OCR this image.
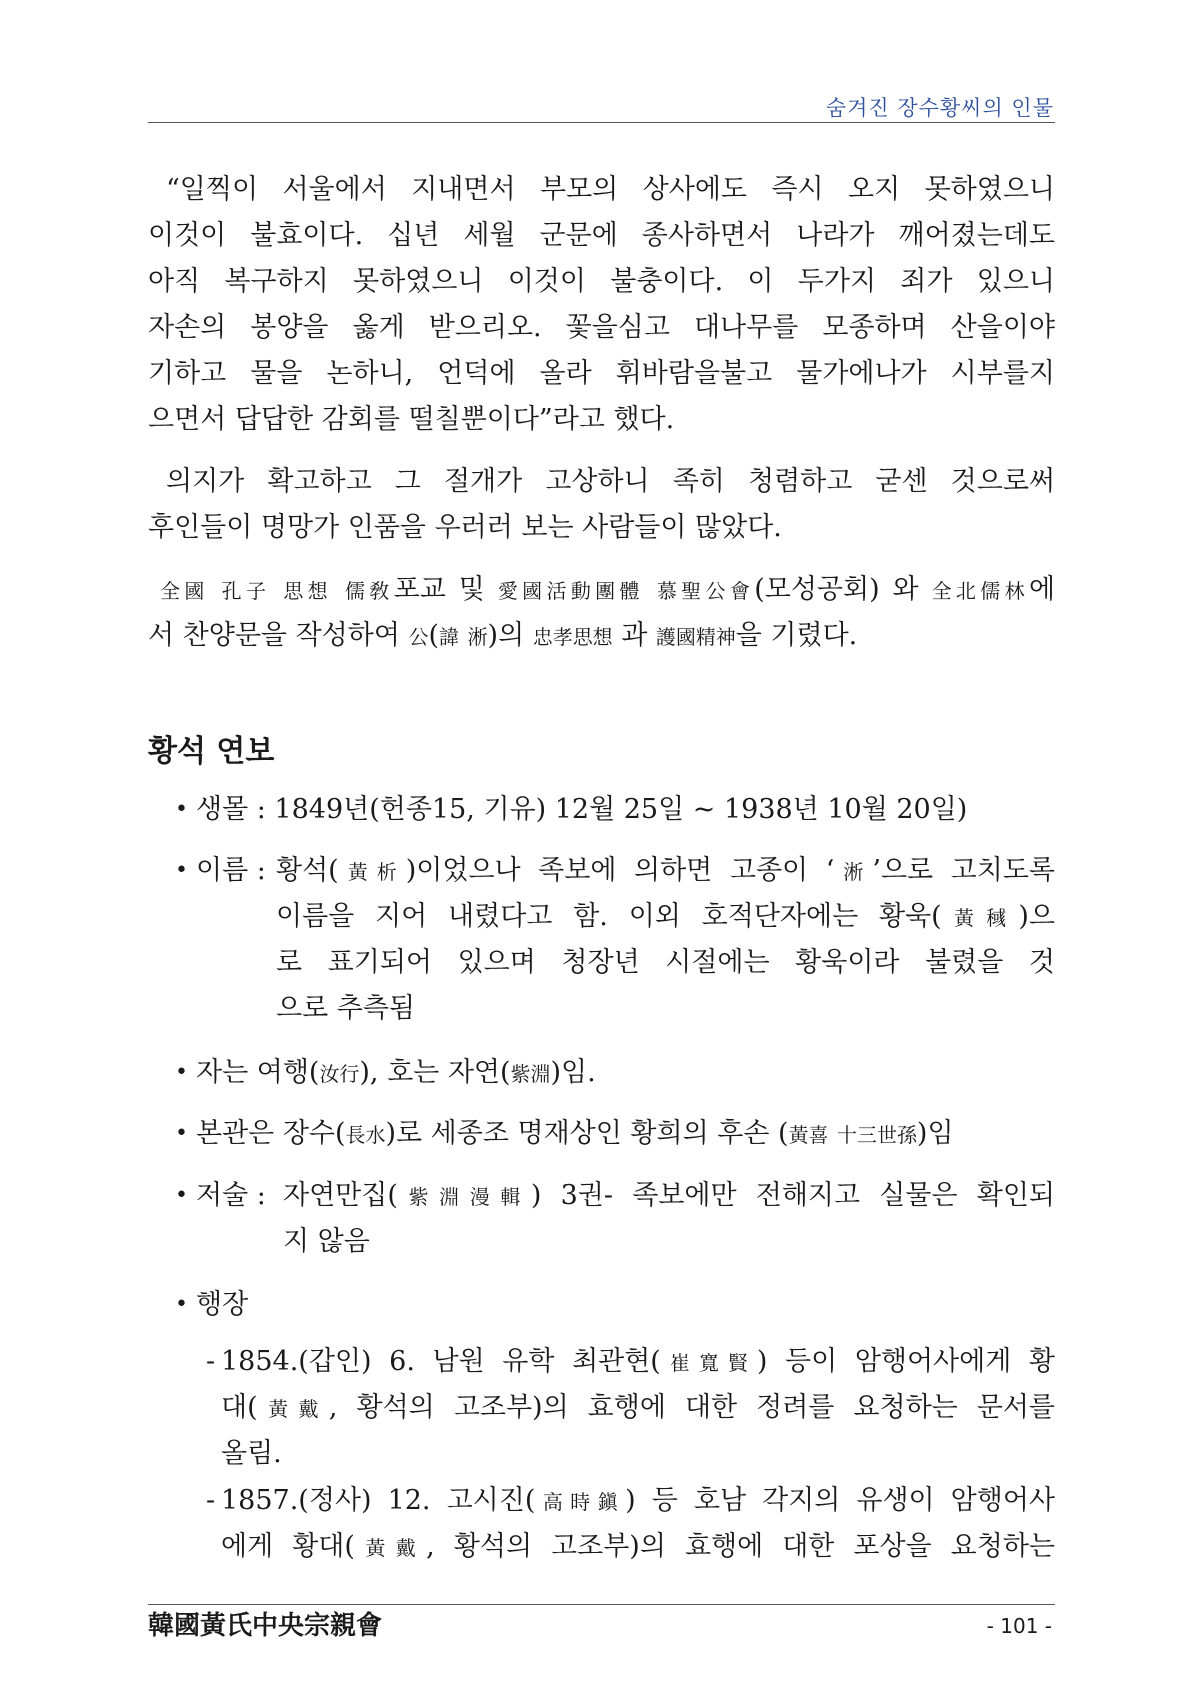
숨겨진 장수황씨의 인물
“일찍이 서울에서 지내면서 부모의 상사에도 즉시 오지 못하였으니
이것이 불효이다. 십년 세월 군문에 종사하면서 나라가 깨어졌는데도
아직 복구하지 못하였으니 이것이 불충이다. 이 두가지 죄가 있으니
자손의 봉양을 옳게 받으리오. 꽃을심고 대나무를 모종하며 산을이야
기하고 물을 논하니, 언덕에 올라 휘바람을불고 물가에나가 시부를지
으면서 답답한 감회를 떨칠뿐이다”라고 했다.
의지가 확고하고 그 절개가 고상하니 족히 청렴하고 굳센 것으로써
후인들이 명망가 인품을 우러러 보는 사람들이 많았다.
全國 孔子 思想 儒敎포교 및 愛國活動團體 慕聖公會(모성공회) 와 全北儒林에
서 찬양문을 작성하여 公(諱 淅)의 忠孝思想 과 護國精神을 기렸다.
황석 연보
• 생몰 : 1849년(헌종15, 기유) 12월 25일 ~ 1938년 10월 20일)
• 이름 : 황석(黃析)이었으나 족보에 의하면 고종이 ‘淅’으로 고치도록
이름을 지어 내렸다고 함. 이외 호적단자에는 황욱(黃稶)으
로 표기되어 있으며 청장년 시절에는 황욱이라 불렸을 것
으로 추측됨
• 자는 여행(汝行), 호는 자연(紫淵)임.
• 본관은 장수(長水)로 세종조 명재상인 황희의 후손 (黃喜 十三世孫)임
• 저술 : 자연만집(紫淵漫輯) 3권- 족보에만 전해지고 실물은 확인되
지 않음
• 행장
- 1854.(갑인) 6. 남원 유학 최관현(崔寬賢) 등이 암행어사에게 황
대(黃戴, 황석의 고조부)의 효행에 대한 정려를 요청하는 문서를
올림.
- 1857.(정사) 12. 고시진(高時鎭) 등 호남 각지의 유생이 암행어사
에게 황대(黃戴, 황석의 고조부)의 효행에 대한 포상을 요청하는
韓國黃氏中央宗親會	- 101 -
